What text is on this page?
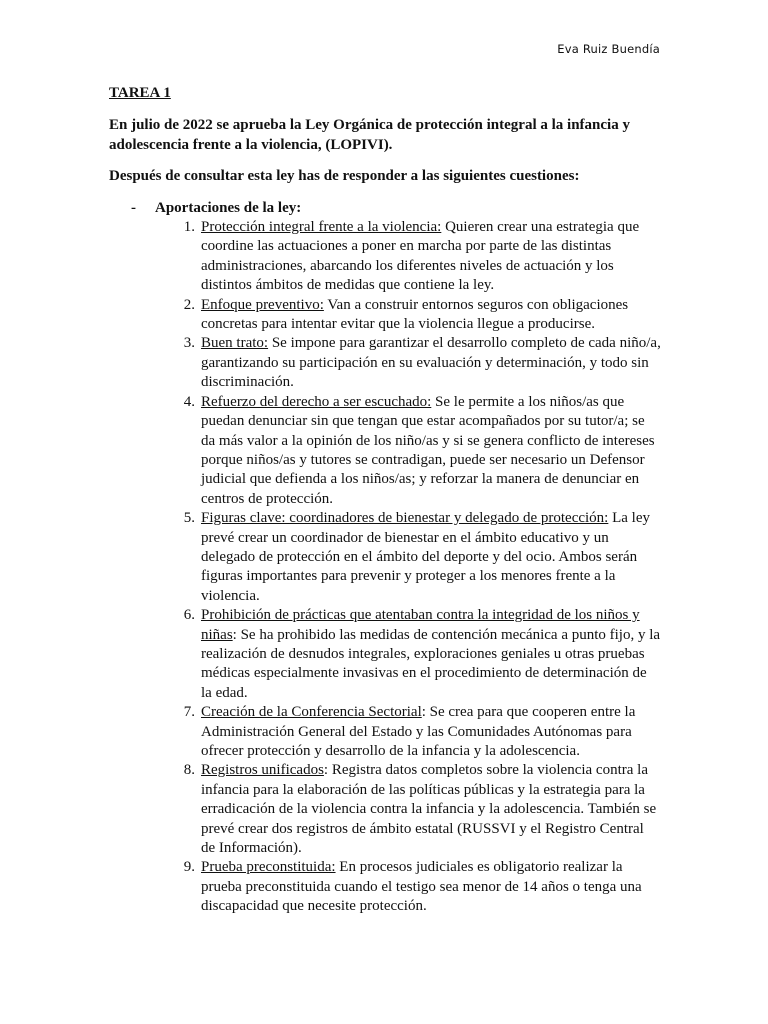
Eva Ruiz Buendía
TAREA 1
En julio de 2022 se aprueba la Ley Orgánica de protección integral a la infancia y adolescencia frente a la violencia, (LOPIVI).
Después de consultar esta ley has de responder a las siguientes cuestiones:
- Aportaciones de la ley:
1. Protección integral frente a la violencia: Quieren crear una estrategia que coordine las actuaciones a poner en marcha por parte de las distintas administraciones, abarcando los diferentes niveles de actuación y los distintos ámbitos de medidas que contiene la ley.
2. Enfoque preventivo: Van a construir entornos seguros con obligaciones concretas para intentar evitar que la violencia llegue a producirse.
3. Buen trato: Se impone para garantizar el desarrollo completo de cada niño/a, garantizando su participación en su evaluación y determinación, y todo sin discriminación.
4. Refuerzo del derecho a ser escuchado: Se le permite a los niños/as que puedan denunciar sin que tengan que estar acompañados por su tutor/a; se da más valor a la opinión de los niño/as y si se genera conflicto de intereses porque niños/as y tutores se contradigan, puede ser necesario un Defensor judicial que defienda a los niños/as; y reforzar la manera de denunciar en centros de protección.
5. Figuras clave: coordinadores de bienestar y delegado de protección: La ley prevé crear un coordinador de bienestar en el ámbito educativo y un delegado de protección en el ámbito del deporte y del ocio. Ambos serán figuras importantes para prevenir y proteger a los menores frente a la violencia.
6. Prohibición de prácticas que atentaban contra la integridad de los niños y niñas: Se ha prohibido las medidas de contención mecánica a punto fijo, y la realización de desnudos integrales, exploraciones geniales u otras pruebas médicas especialmente invasivas en el procedimiento de determinación de la edad.
7. Creación de la Conferencia Sectorial: Se crea para que cooperen entre la Administración General del Estado y las Comunidades Autónomas para ofrecer protección y desarrollo de la infancia y la adolescencia.
8. Registros unificados: Registra datos completos sobre la violencia contra la infancia para la elaboración de las políticas públicas y la estrategia para la erradicación de la violencia contra la infancia y la adolescencia. También se prevé crear dos registros de ámbito estatal (RUSSVI y el Registro Central de Información).
9. Prueba preconstituida: En procesos judiciales es obligatorio realizar la prueba preconstituida cuando el testigo sea menor de 14 años o tenga una discapacidad que necesite protección.
